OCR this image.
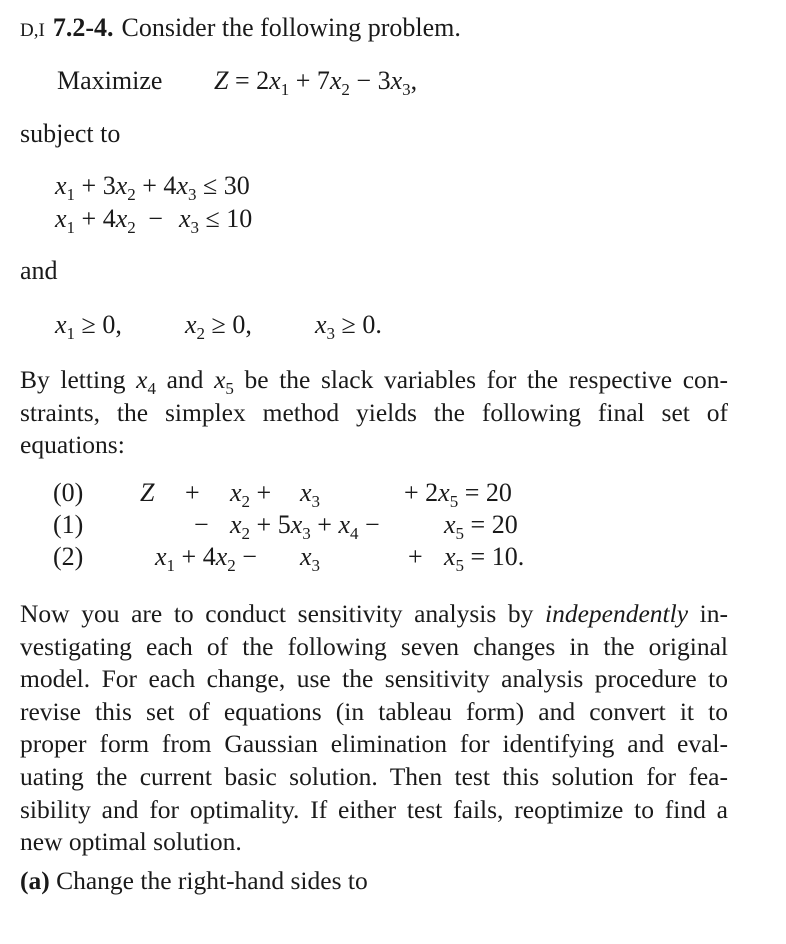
D,I 7.2-4. Consider the following problem.
Maximize $Z = 2x_1 + 7x_2 - 3x_3$,
subject to
$x_1 + 3x_2 + 4x_3 \le 30$
$x_1 + 4x_2 - x_3 \le 10$
and
$x_1 \ge 0$, $x_2 \ge 0$, $x_3 \ge 0$.
By letting $x_4$ and $x_5$ be the slack variables for the respective con-
straints, the simplex method yields the following final set of
equations:
(0)
(1)
(2)
$Z + x_2 + x_3$	+ $2x_5 = 20$
− $x_2 + 5x_3 + x_4 - x_5 = 20$
$x_1 + 4x_2 - x_3$	+ $x_5 = 10$.
Now you are to conduct sensitivity analysis by independently in-
vestigating each of the following seven changes in the original
model. For each change, use the sensitivity analysis procedure to
revise this set of equations (in tableau form) and convert it to
proper form from Gaussian elimination for identifying and eval-
uating the current basic solution. Then test this solution for fea-
sibility and for optimality. If either test fails, reoptimize to find a
new optimal solution.
(a) Change the right-hand sides to
